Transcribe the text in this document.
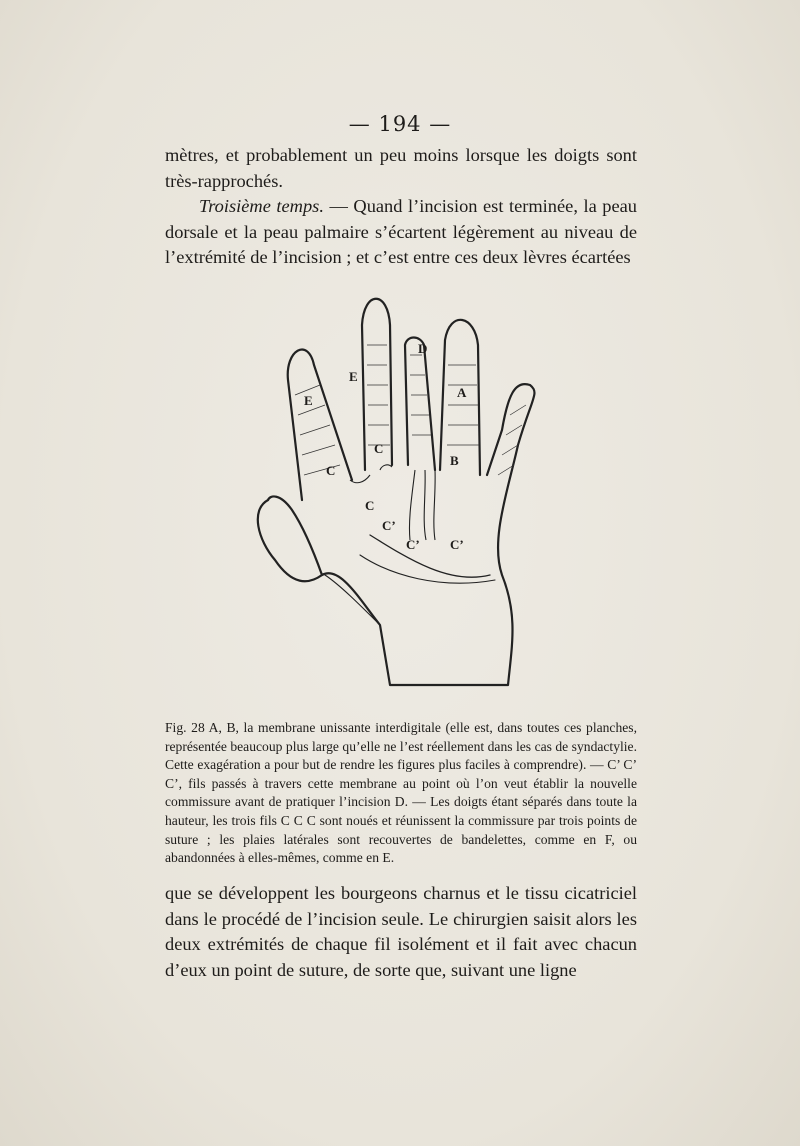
— 194 —

mètres, et probablement un peu moins lorsque les doigts sont très-rapprochés.

Troisième temps. — Quand l’incision est terminée, la peau dorsale et la peau palmaire s’écartent légèrement au niveau de l’extrémité de l’incision ; et c’est entre ces deux lèvres écartées

D
E
E
A
B
C
C
C
C’
C’ C’
Fig. 28 A, B, la membrane unissante interdigitale (elle est, dans toutes ces planches, représentée beaucoup plus large qu’elle ne l’est réellement dans les cas de syndactylie. Cette exagération a pour but de rendre les figures plus faciles à comprendre). — C’ C’ C’, fils passés à travers cette membrane au point où l’on veut établir la nouvelle commissure avant de pratiquer l’incision D. — Les doigts étant séparés dans toute la hauteur, les trois fils C C C sont noués et réunissent la commissure par trois points de suture ; les plaies latérales sont recouvertes de bandelettes, comme en F, ou abandonnées à elles-mêmes, comme en E.

que se développent les bourgeons charnus et le tissu cicatriciel dans le procédé de l’incision seule. Le chirurgien saisit alors les deux extrémités de chaque fil isolément et il fait avec chacun d’eux un point de suture, de sorte que, suivant une ligne
